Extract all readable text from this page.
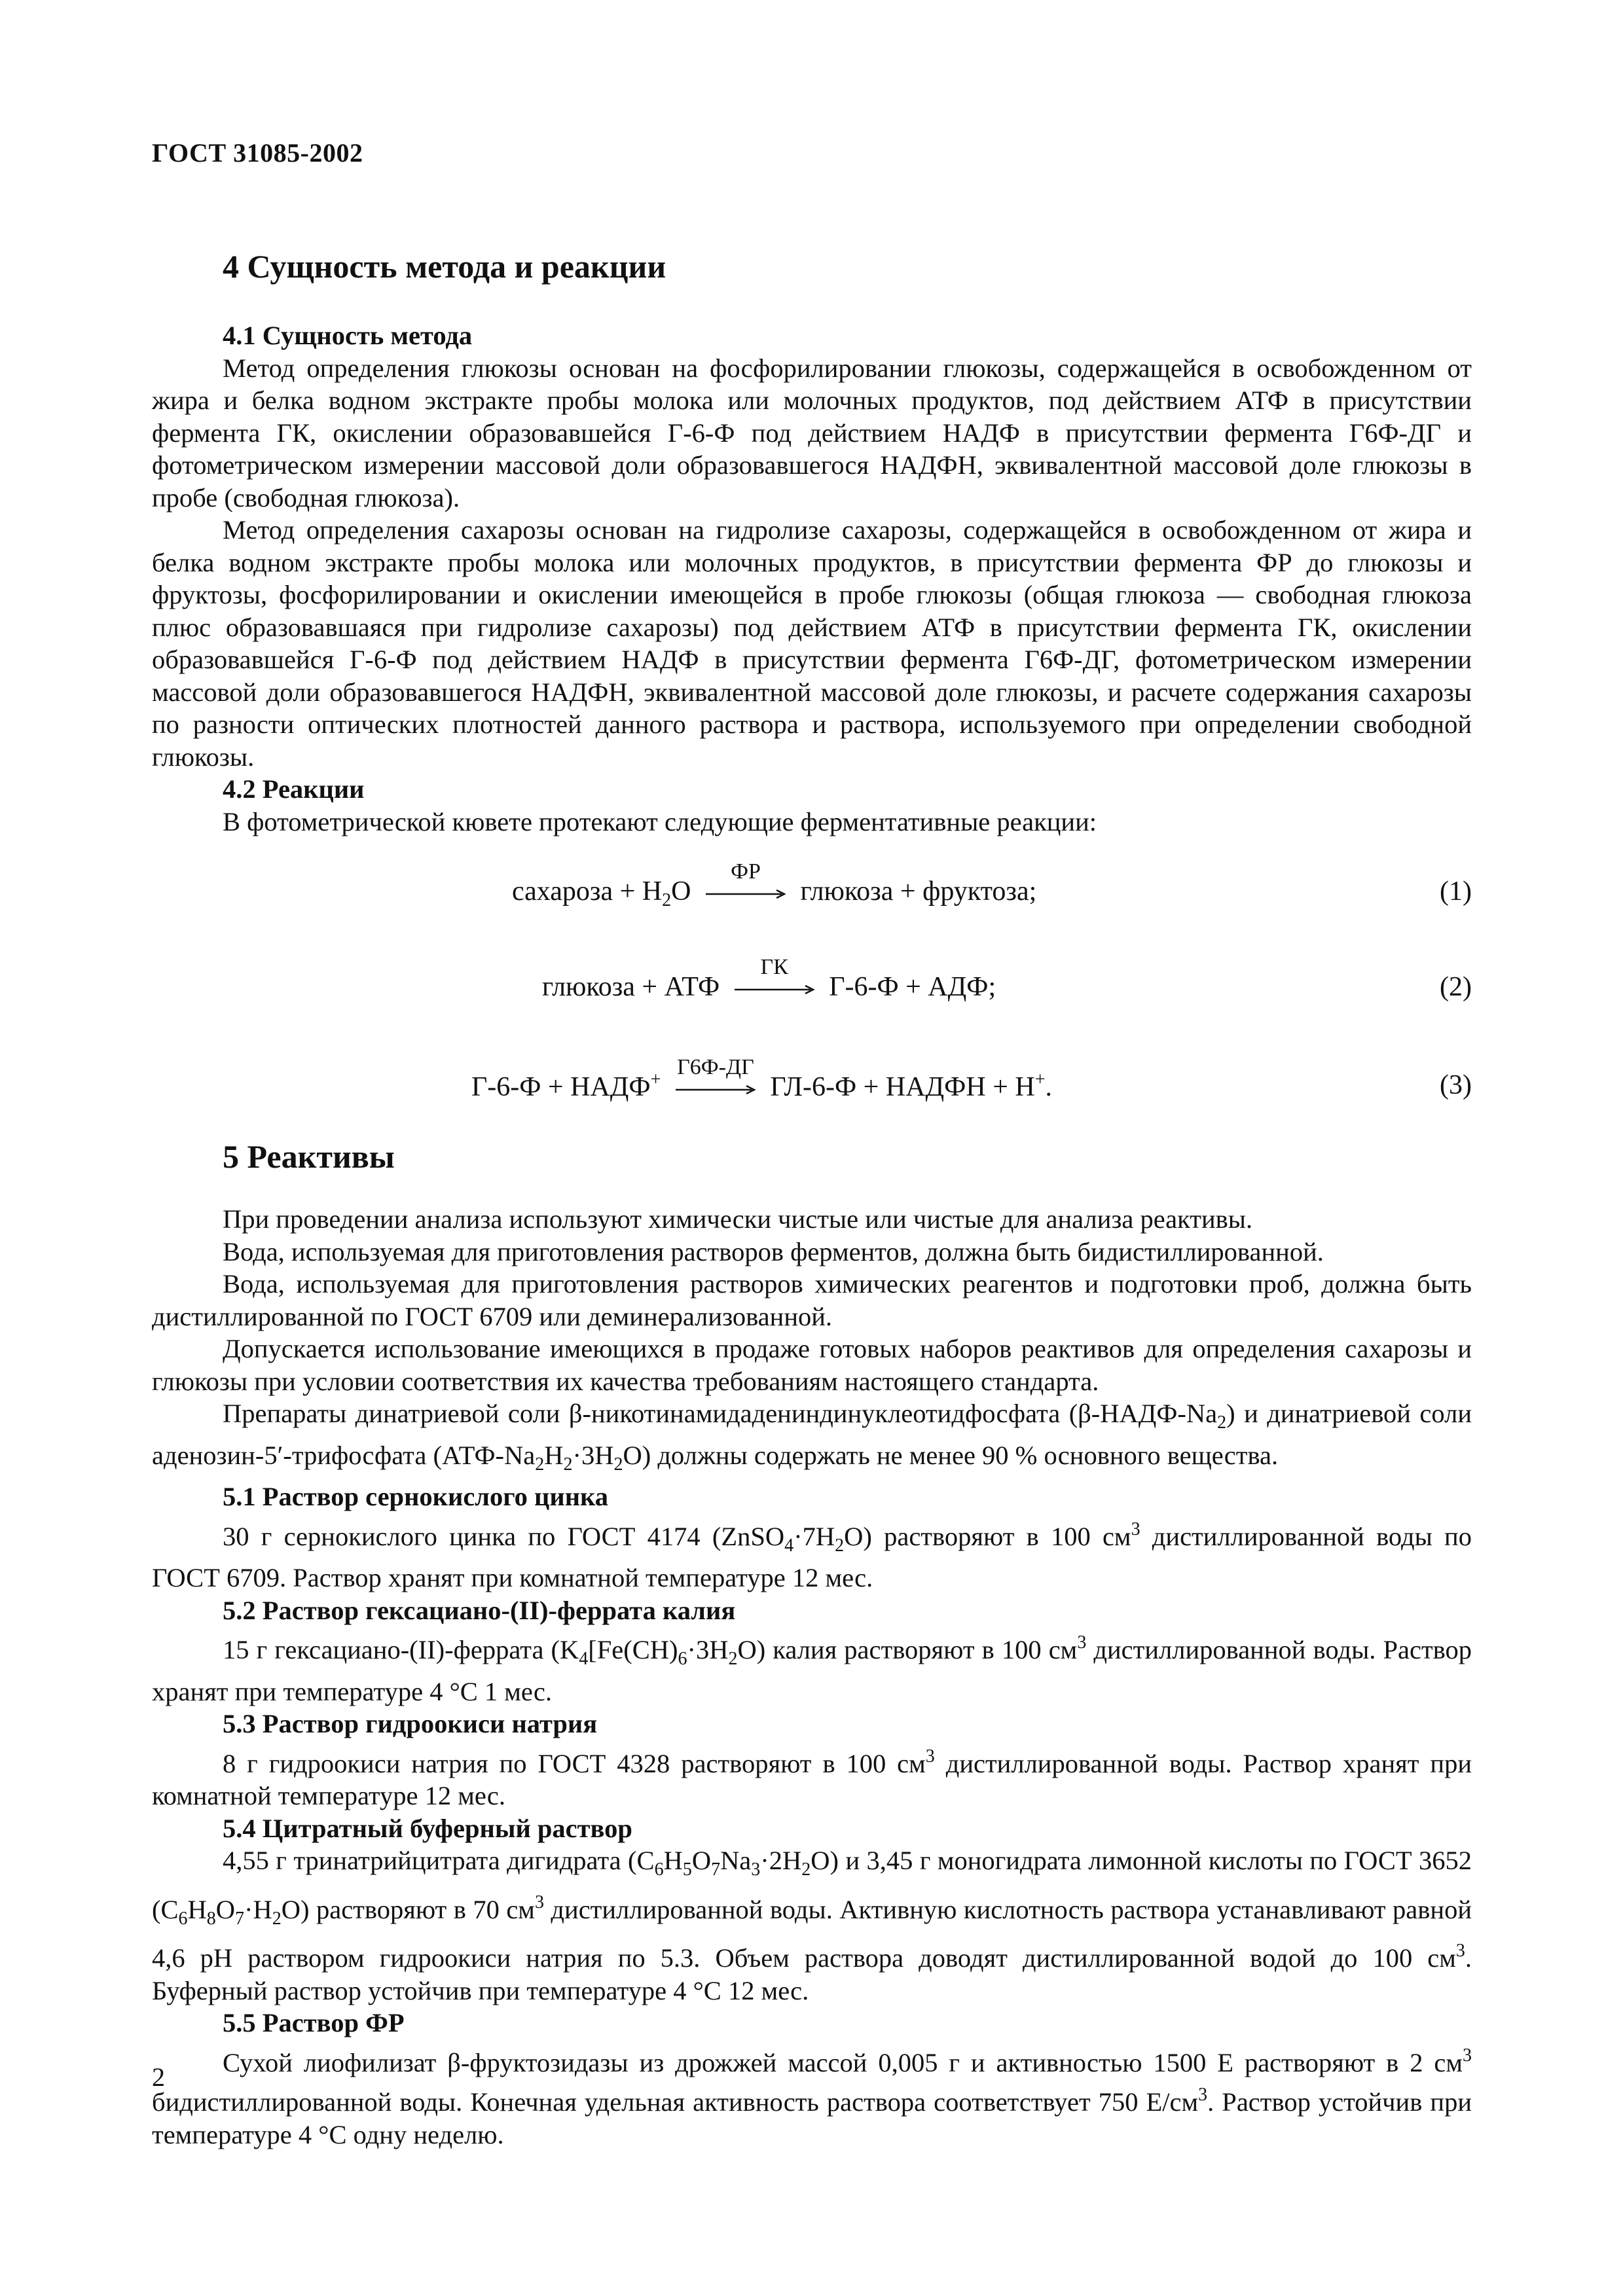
ГОСТ 31085-2002
4 Сущность метода и реакции

4.1 Сущность метода

Метод определения глюкозы основан на фосфорилировании глюкозы, содержащейся в освобожденном от жира и белка водном экстракте пробы молока или молочных продуктов, под действием АТФ в присутствии фермента ГК, окислении образовавшейся Г-6-Ф под действием НАДФ в присутствии фермента Г6Ф-ДГ и фотометрическом измерении массовой доли образовавшегося НАДФН, эквивалентной массовой доле глюкозы в пробе (свободная глюкоза).

Метод определения сахарозы основан на гидролизе сахарозы, содержащейся в освобожденном от жира и белка водном экстракте пробы молока или молочных продуктов, в присутствии фермента ФР до глюкозы и фруктозы, фосфорилировании и окислении имеющейся в пробе глюкозы (общая глюкоза — свободная глюкоза плюс образовавшаяся при гидролизе сахарозы) под действием АТФ в присутствии фермента ГК, окислении образовавшейся Г-6-Ф под действием НАДФ в присутствии фермента Г6Ф-ДГ, фотометрическом измерении массовой доли образовавшегося НАДФН, эквивалентной массовой доле глюкозы, и расчете содержания сахарозы по разности оптических плотностей данного раствора и раствора, используемого при определении свободной глюкозы.

4.2 Реакции

В фотометрической кювете протекают следующие ферментативные реакции:

сахароза + $H_2O$
ФР
глюкоза + фруктоза;	(1)
глюкоза + АТФ
ГК
Г-6-Ф + АДФ;	(2)
Г-6-Ф + НАДФ+
Г6Ф-ДГ
ГЛ-6-Ф + НАДФН + H+.	(3)
5 Реактивы

При проведении анализа используют химически чистые или чистые для анализа реактивы.

Вода, используемая для приготовления растворов ферментов, должна быть бидистиллированной.

Вода, используемая для приготовления растворов химических реагентов и подготовки проб, должна быть дистиллированной по ГОСТ 6709 или деминерализованной.

Допускается использование имеющихся в продаже готовых наборов реактивов для определения сахарозы и глюкозы при условии соответствия их качества требованиям настоящего стандарта.

Препараты динатриевой соли β-никотинамидадениндинуклеотидфосфата $(\beta-НАДФ-Na_2)$ и динатриевой соли аденозин-5′-трифосфата $(АТФ-Na_2H_2\cdot 3H_2O)$ должны содержать не менее 90 % основного вещества.

5.1 Раствор сернокислого цинка

30 г сернокислого цинка по ГОСТ 4174 $(ZnSO_4\cdot 7H_2O)$ растворяют в 100 $см^3$ дистиллированной воды по ГОСТ 6709. Раствор хранят при комнатной температуре 12 мес.

5.2 Раствор гексациано-(II)-феррата калия

15 г гексациано-(II)-феррата ($K_4[Fe(CH)_6\cdot 3H_2O)$ калия растворяют в 100 $см^3$ дистиллированной воды. Раствор хранят при температуре 4 °С 1 мес.

5.3 Раствор гидроокиси натрия

8 г гидроокиси натрия по ГОСТ 4328 растворяют в 100 $см^3$ дистиллированной воды. Раствор хранят при комнатной температуре 12 мес.

5.4 Цитратный буферный раствор

4,55 г тринатрийцитрата дигидрата $(C_6H_5O_7Na_3\cdot 2H_2O)$ и 3,45 г моногидрата лимонной кислоты по ГОСТ 3652 $(C_6H_8O_7\cdot H_2O)$ растворяют в 70 $см^3$ дистиллированной воды. Активную кислотность раствора устанавливают равной 4,6 pH раствором гидроокиси натрия по 5.3. Объем раствора доводят дистиллированной водой до 100 $см^3$. Буферный раствор устойчив при температуре 4 °С 12 мес.

5.5 Раствор ФР

Сухой лиофилизат β-фруктозидазы из дрожжей массой 0,005 г и активностью 1500 Е растворяют в 2 $см^3$ бидистиллированной воды. Конечная удельная активность раствора соответствует 750 $Е/см^3$. Раствор устойчив при температуре 4 °С одну неделю.

2
